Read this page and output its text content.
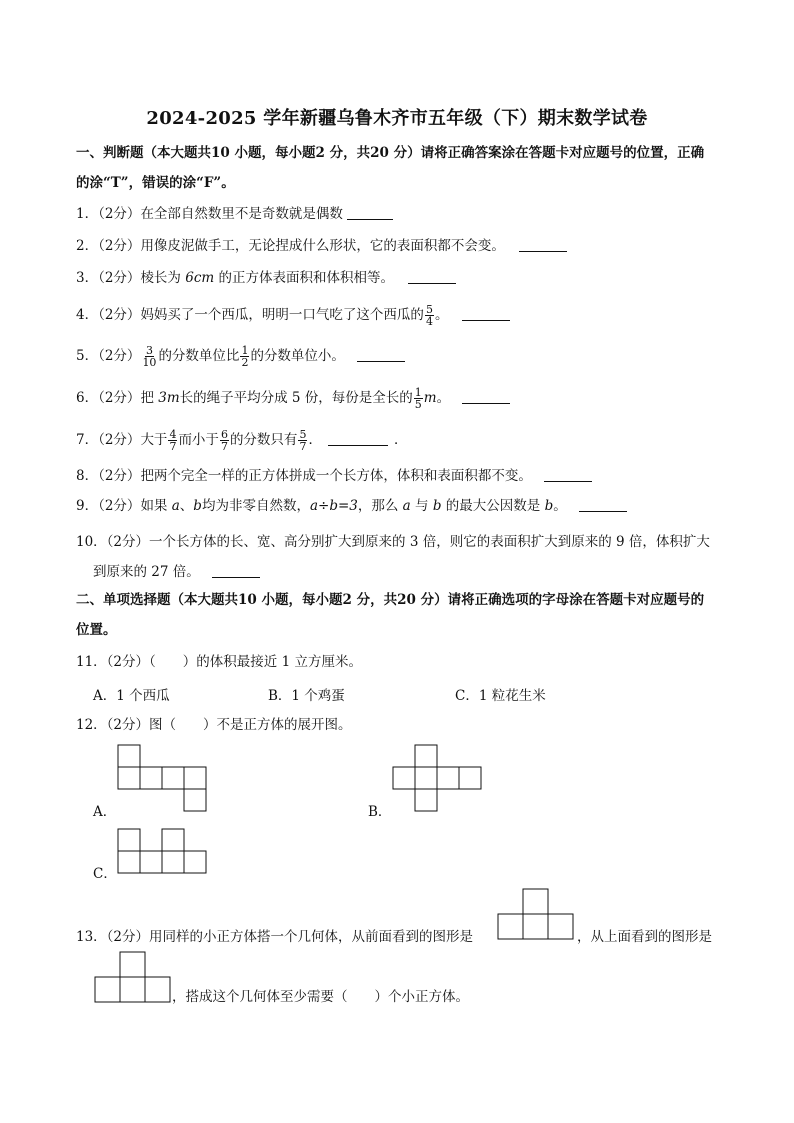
2024-2025 学年新疆乌鲁木齐市五年级（下）期末数学试卷
一、判断题（本大题共10 小题，每小题2 分，共20 分）请将正确答案涂在答题卡对应题号的位置，正确
的涂“T”，错误的涂“F”。
1．（2分）在全部自然数里不是奇数就是偶数
2．（2分）用像皮泥做手工，无论捏成什么形状，它的表面积都不会变。
3．（2分）棱长为 6cm 的正方体表面积和体积相等。
4．（2分）妈妈买了一个西瓜，明明一口气吃了这个西瓜的 $\frac{5}{4}$ 。
5．（2分） $\frac{3}{10}$ 的分数单位比 $\frac{1}{2}$ 的分数单位小。
6．（2分）把 3m长的绳子平均分成 5 份，每份是全长的 $\frac{1}{5}$ m。
7．（2分）大于 $\frac{4}{7}$ 而小于 $\frac{6}{7}$ 的分数只有 $\frac{5}{7}$ ．	．
8．（2分）把两个完全一样的正方体拼成一个长方体，体积和表面积都不变。
9．（2分）如果 a、b均为非零自然数，a÷b=3，那么 a 与 b 的最大公因数是 b。
10．（2分）一个长方体的长、宽、高分别扩大到原来的 3 倍，则它的表面积扩大到原来的 9 倍，体积扩大
到原来的 27 倍。
二、单项选择题（本大题共10 小题，每小题2 分，共20 分）请将正确选项的字母涂在答题卡对应题号的
位置。
11．（2分）（　　）的体积最接近 1 立方厘米。
A．1 个西瓜	B．1 个鸡蛋	C．1 粒花生米
12．（2分）图（　　）不是正方体的展开图。
A．	B．
C．
13．（2分）用同样的小正方体搭一个几何体，从前面看到的图形是	，从上面看到的图形是
，搭成这个几何体至少需要（　　）个小正方体。
